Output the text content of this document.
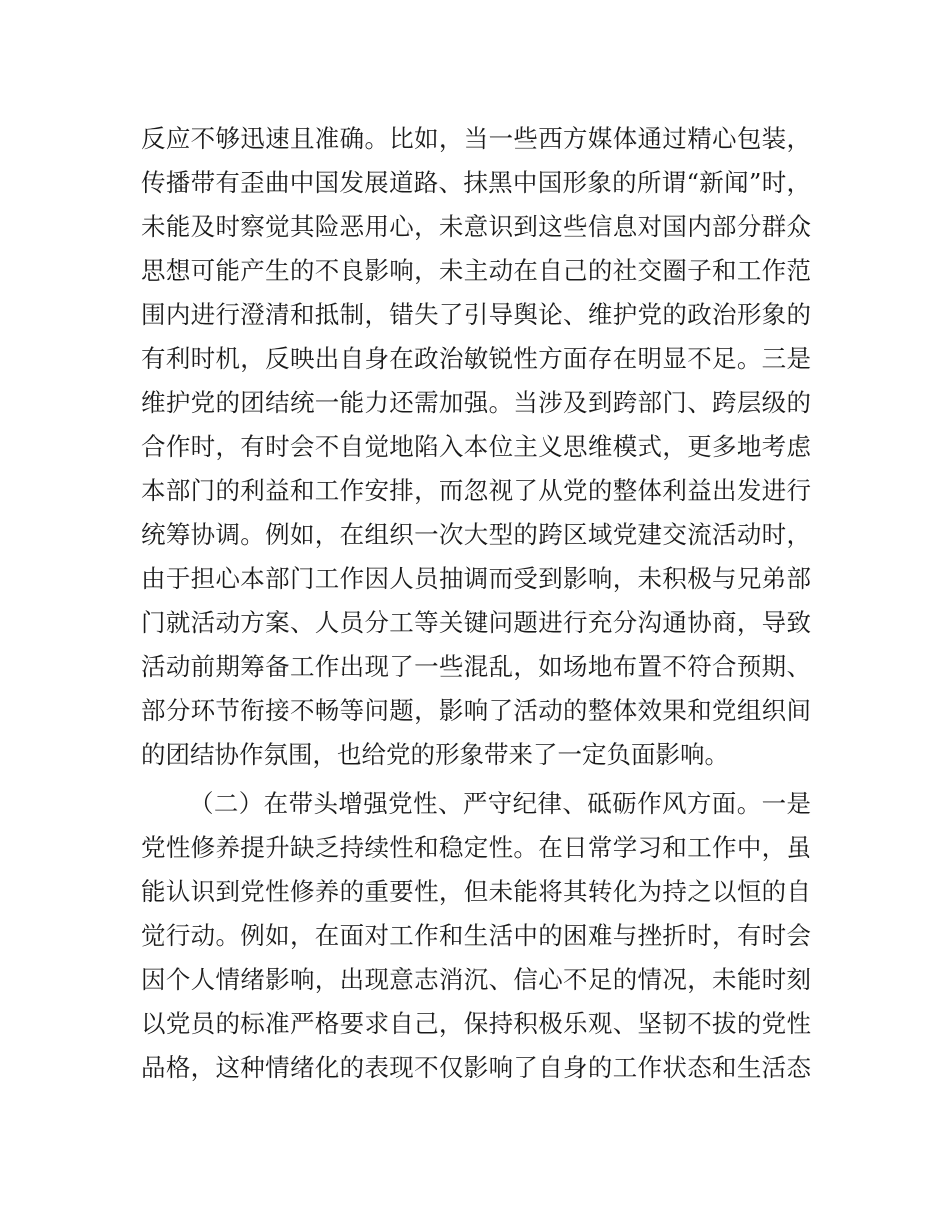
反应不够迅速且准确。比如，当一些西方媒体通过精心包装，
传播带有歪曲中国发展道路、抹黑中国形象的所谓“新闻”时，
未能及时察觉其险恶用心，未意识到这些信息对国内部分群众
思想可能产生的不良影响，未主动在自己的社交圈子和工作范
围内进行澄清和抵制，错失了引导舆论、维护党的政治形象的
有利时机，反映出自身在政治敏锐性方面存在明显不足。三是
维护党的团结统一能力还需加强。当涉及到跨部门、跨层级的
合作时，有时会不自觉地陷入本位主义思维模式，更多地考虑
本部门的利益和工作安排，而忽视了从党的整体利益出发进行
统筹协调。例如，在组织一次大型的跨区域党建交流活动时，
由于担心本部门工作因人员抽调而受到影响，未积极与兄弟部
门就活动方案、人员分工等关键问题进行充分沟通协商，导致
活动前期筹备工作出现了一些混乱，如场地布置不符合预期、
部分环节衔接不畅等问题，影响了活动的整体效果和党组织间
的团结协作氛围，也给党的形象带来了一定负面影响。
（二）在带头增强党性、严守纪律、砥砺作风方面。一是
党性修养提升缺乏持续性和稳定性。在日常学习和工作中，虽
能认识到党性修养的重要性，但未能将其转化为持之以恒的自
觉行动。例如，在面对工作和生活中的困难与挫折时，有时会
因个人情绪影响，出现意志消沉、信心不足的情况，未能时刻
以党员的标准严格要求自己，保持积极乐观、坚韧不拔的党性
品格，这种情绪化的表现不仅影响了自身的工作状态和生活态
